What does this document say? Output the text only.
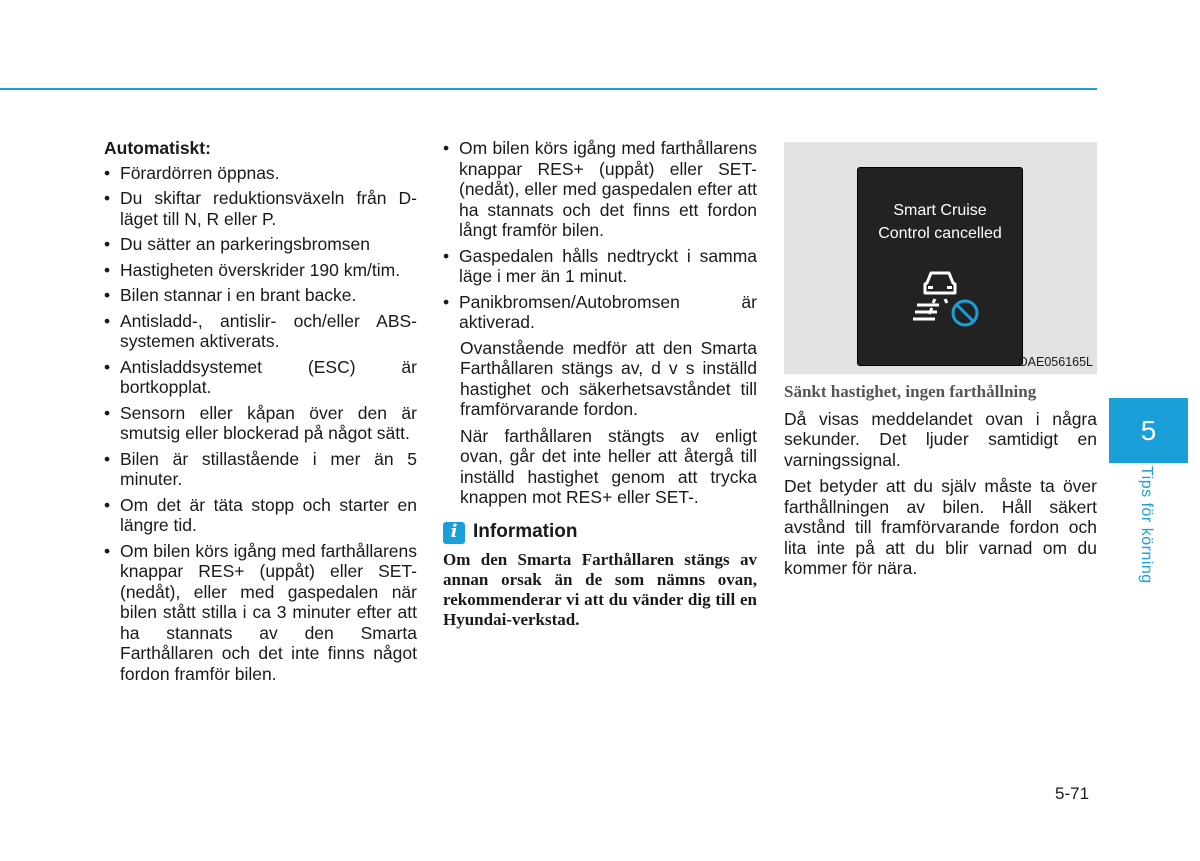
Automatiskt:
• Förardörren öppnas.
• Du skiftar reduktionsväxeln från D-läget till N, R eller P.
• Du sätter an parkeringsbromsen
• Hastigheten överskrider 190 km/tim.
• Bilen stannar i en brant backe.
• Antisladd-, antislir- och/eller ABS-systemen aktiverats.
• Antisladdsystemet (ESC) är bortkopplat.
• Sensorn eller kåpan över den är smutsig eller blockerad på något sätt.
• Bilen är stillastående i mer än 5 minuter.
• Om det är täta stopp och starter en längre tid.
• Om bilen körs igång med farthållarens knappar RES+ (uppåt) eller SET- (nedåt), eller med gaspedalen när bilen stått stilla i ca 3 minuter efter att ha stannats av den Smarta Farthållaren och det inte finns något fordon framför bilen.
• Om bilen körs igång med farthållarens knappar RES+ (uppåt) eller SET- (nedåt), eller med gaspedalen efter att ha stannats och det finns ett fordon långt framför bilen.
• Gaspedalen hålls nedtryckt i samma läge i mer än 1 minut.
• Panikbromsen/Autobromsen är aktiverad.

Ovanstående medför att den Smarta Farthållaren stängs av, d v s inställd hastighet och säkerhetsavståndet till framförvarande fordon.

När farthållaren stängts av enligt ovan, går det inte heller att återgå till inställd hastighet genom att trycka knappen mot RES+ eller SET-.

i Information

Om den Smarta Farthållaren stängs av annan orsak än de som nämns ovan, rekommenderar vi att du vänder dig till en Hyundai-verkstad.

Smart Cruise
Control cancelled
OAE056165L
Sänkt hastighet, ingen farthållning

Då visas meddelandet ovan i några sekunder. Det ljuder samtidigt en varningssignal.

Det betyder att du själv måste ta över farthållningen av bilen. Håll säkert avstånd till framförvarande fordon och lita inte på att du blir varnad om du kommer för nära.

5
Tips för körning
5-71
